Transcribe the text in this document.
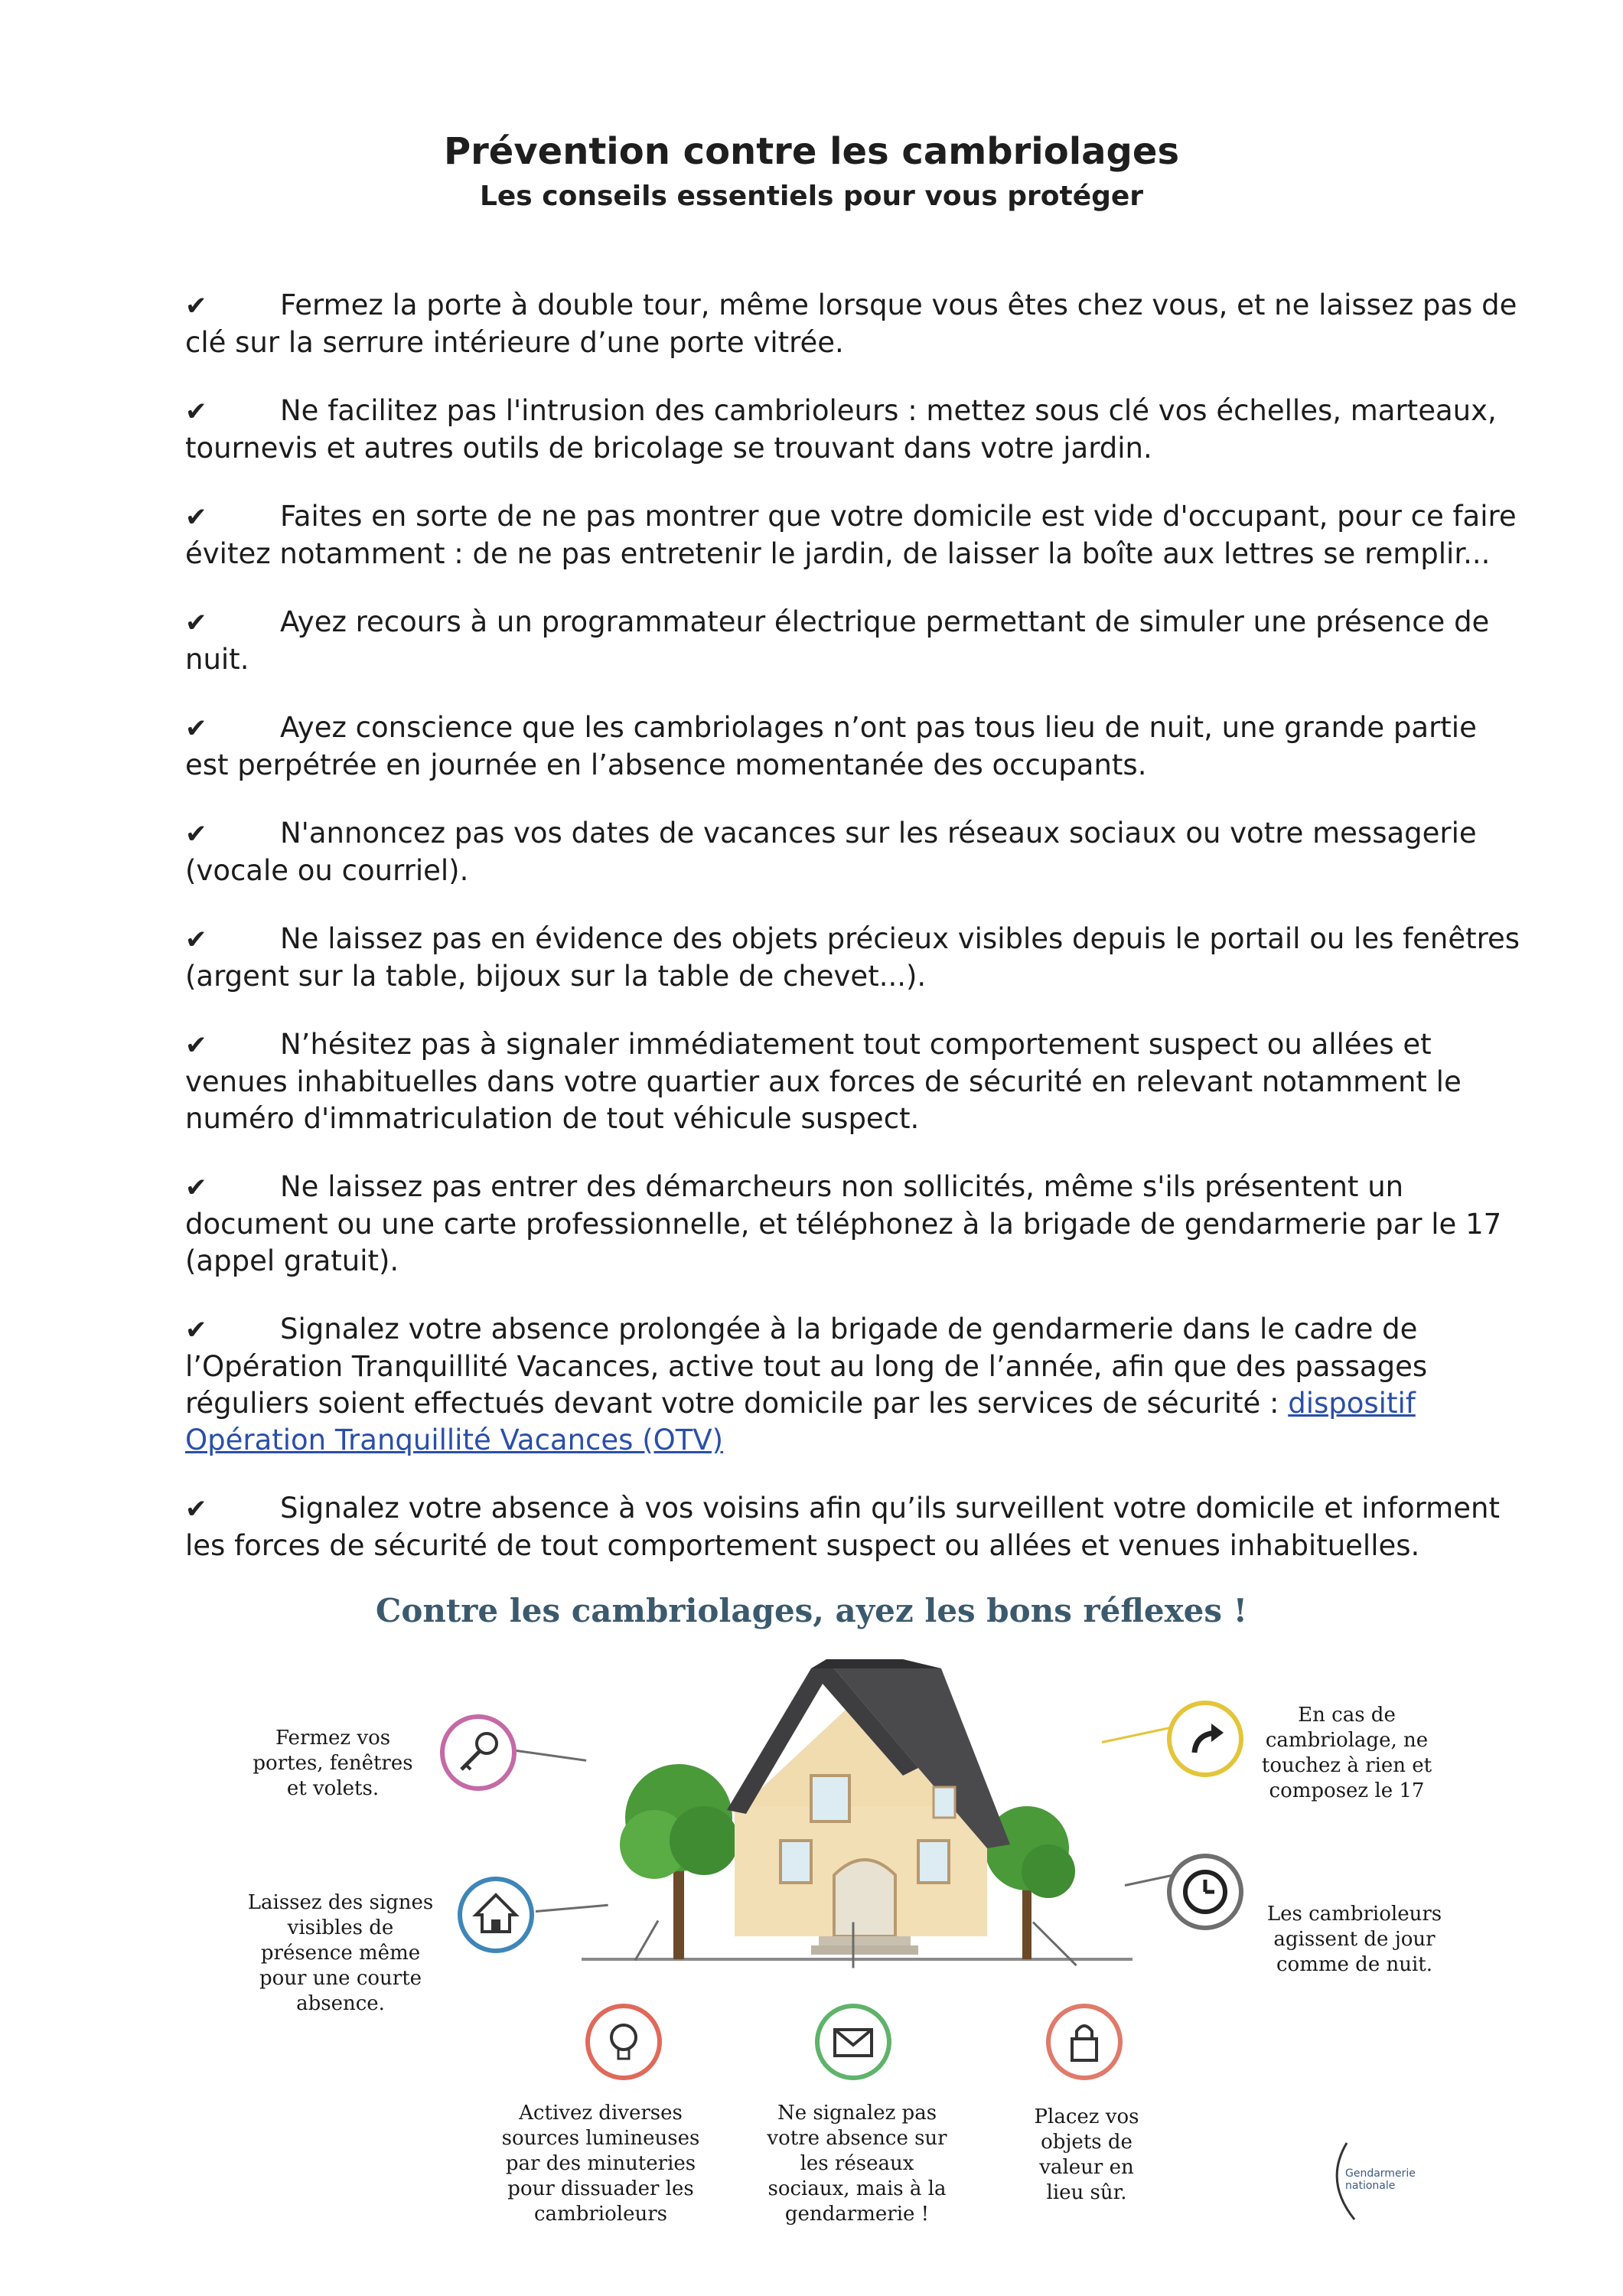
Prévention contre les cambriolages
Les conseils essentiels pour vous protéger

✔	Fermez la porte à double tour, même lorsque vous êtes chez vous, et ne laissez pas de clé sur la serrure intérieure d’une porte vitrée.

✔	Ne facilitez pas l'intrusion des cambrioleurs : mettez sous clé vos échelles, marteaux, tournevis et autres outils de bricolage se trouvant dans votre jardin.

✔	Faites en sorte de ne pas montrer que votre domicile est vide d'occupant, pour ce faire évitez notamment : de ne pas entretenir le jardin, de laisser la boîte aux lettres se remplir...

✔	Ayez recours à un programmateur électrique permettant de simuler une présence de nuit.

✔	Ayez conscience que les cambriolages n’ont pas tous lieu de nuit, une grande partie est perpétrée en journée en l’absence momentanée des occupants.

✔	N'annoncez pas vos dates de vacances sur les réseaux sociaux ou votre messagerie (vocale ou courriel).

✔	Ne laissez pas en évidence des objets précieux visibles depuis le portail ou les fenêtres (argent sur la table, bijoux sur la table de chevet...).

✔	N’hésitez pas à signaler immédiatement tout comportement suspect ou allées et venues inhabituelles dans votre quartier aux forces de sécurité en relevant notamment le numéro d'immatriculation de tout véhicule suspect.

✔	Ne laissez pas entrer des démarcheurs non sollicités, même s'ils présentent un document ou une carte professionnelle, et téléphonez à la brigade de gendarmerie par le 17 (appel gratuit).

✔	Signalez votre absence prolongée à la brigade de gendarmerie dans le cadre de l’Opération Tranquillité Vacances, active tout au long de l’année, afin que des passages réguliers soient effectués devant votre domicile par les services de sécurité : dispositif Opération Tranquillité Vacances (OTV)

✔	Signalez votre absence à vos voisins afin qu’ils surveillent votre domicile et informent les forces de sécurité de tout comportement suspect ou allées et venues inhabituelles.

Contre les cambriolages, ayez les bons réflexes !
Fermez vos portes, fenêtres et volets.
Laissez des signes visibles de présence même pour une courte absence.
Activez diverses sources lumineuses par des minuteries pour dissuader les cambrioleurs
Ne signalez pas votre absence sur les réseaux sociaux, mais à la gendarmerie !
Placez vos objets de valeur en lieu sûr.
En cas de cambriolage, ne touchez à rien et composez le 17
Les cambrioleurs agissent de jour comme de nuit.
Gendarmerie nationale
